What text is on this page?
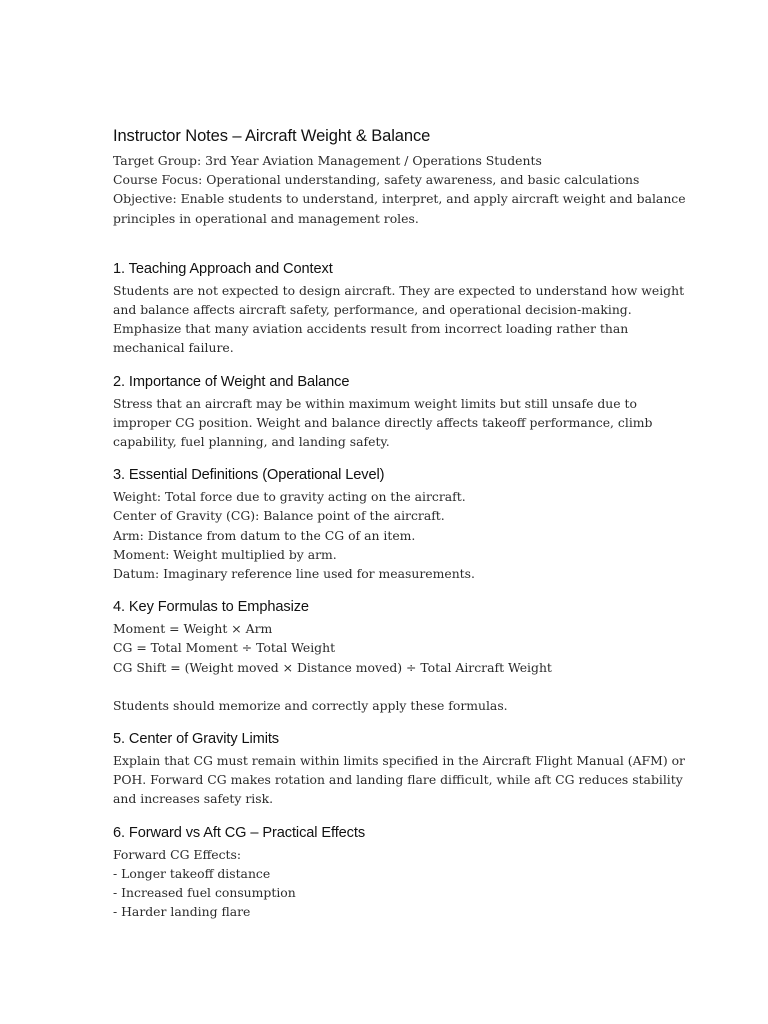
Instructor Notes – Aircraft Weight & Balance

Target Group: 3rd Year Aviation Management / Operations Students

Course Focus: Operational understanding, safety awareness, and basic calculations

Objective: Enable students to understand, interpret, and apply aircraft weight and balance

principles in operational and management roles.

1. Teaching Approach and Context

Students are not expected to design aircraft. They are expected to understand how weight

and balance affects aircraft safety, performance, and operational decision-making.

Emphasize that many aviation accidents result from incorrect loading rather than

mechanical failure.

2. Importance of Weight and Balance

Stress that an aircraft may be within maximum weight limits but still unsafe due to

improper CG position. Weight and balance directly affects takeoff performance, climb

capability, fuel planning, and landing safety.

3. Essential Definitions (Operational Level)

Weight: Total force due to gravity acting on the aircraft.

Center of Gravity (CG): Balance point of the aircraft.

Arm: Distance from datum to the CG of an item.

Moment: Weight multiplied by arm.

Datum: Imaginary reference line used for measurements.

4. Key Formulas to Emphasize

Moment = Weight × Arm

CG = Total Moment ÷ Total Weight

CG Shift = (Weight moved × Distance moved) ÷ Total Aircraft Weight

Students should memorize and correctly apply these formulas.

5. Center of Gravity Limits

Explain that CG must remain within limits specified in the Aircraft Flight Manual (AFM) or

POH. Forward CG makes rotation and landing flare difficult, while aft CG reduces stability

and increases safety risk.

6. Forward vs Aft CG – Practical Effects

Forward CG Effects:

- Longer takeoff distance

- Increased fuel consumption

- Harder landing flare
